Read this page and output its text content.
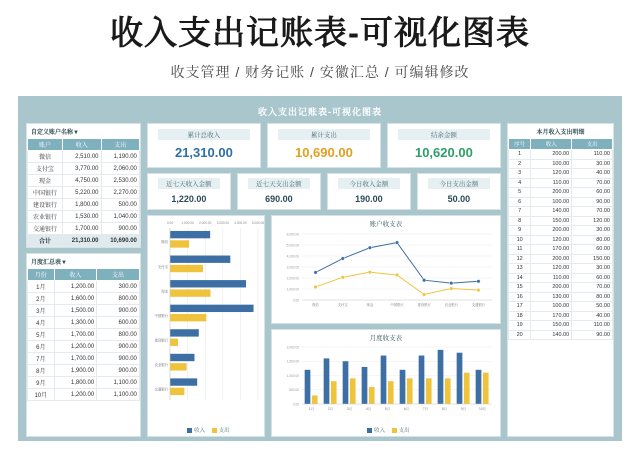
收入支出记账表-可视化图表
收支管理 / 财务记账 / 安徽汇总 / 可编辑修改
收入支出记账表-可视化图表
自定义账户名称▼
账户	收入	支出
微信	2,510.00	1,190.00
支付宝	3,770.00	2,060.00
现金	4,750.00	2,530.00
中国银行	5,220.00	2,270.00
建设银行	1,800.00	500.00
农业银行	1,530.00	1,040.00
交通银行	1,700.00	900.00
合计	21,310.00	10,690.00
月度汇总表▼
月份	收入	支出
1月	1,200.00	300.00
2月	1,600.00	800.00
3月	1,500.00	900.00
4月	1,300.00	600.00
5月	1,700.00	800.00
6月	1,200.00	900.00
7月	1,700.00	900.00
8月	1,900.00	900.00
9月	1,800.00	1,100.00
10月	1,200.00	1,100.00
累计总收入
21,310.00
累计支出
10,690.00
结余金额
10,620.00
近七天收入金额
1,220.00
近七天支出金额
690.00
今日收入金额
190.00
今日支出金额
50.00
0.00	1,000.00 2,000.00 3,000.00 4,000.00 5,000.00
微信
支付宝
现金
中国银行
建设银行
农业银行
交通银行
收入 支出
账户收支表
0.00
1,000.00
2,000.00
3,000.00
4,000.00
5,000.00
6,000.00
微信	支付宝	现金	中国银行	建设银行	农业银行	交通银行
月度收支表
0.00
500.00
1,000.00
1,500.00
2,000.00
1月	2月	3月	4月	5月	6月	7月	8月	9月	10月
收入 支出
本月收入支出明细
序号	收入	支出
1	200.00	110.00
2	100.00	30.00
3	120.00	40.00
4	110.00	70.00
5	200.00	60.00
6	100.00	90.00
7	140.00	70.00
8	150.00	120.00
9	200.00	30.00
10	120.00	80.00
11	170.00	60.00
12	200.00	150.00
13	120.00	30.00
14	110.00	60.00
15	200.00	70.00
16	130.00	80.00
17	100.00	50.00
18	170.00	40.00
19	150.00	110.00
20	140.00	90.00
